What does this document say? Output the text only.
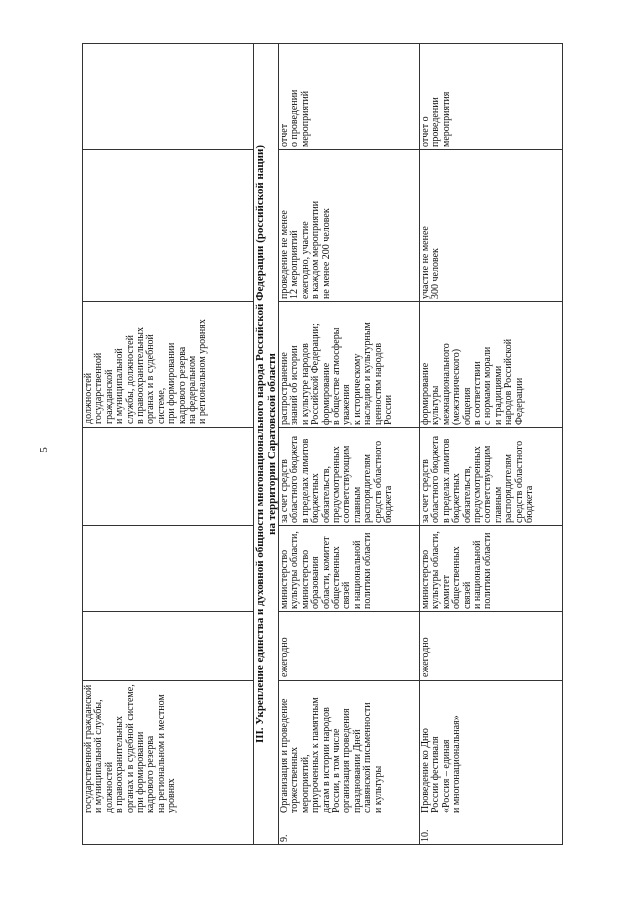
5
государственной гражданской
и муниципальной службы,
должностей
в правоохранительных
органах и в судебной системе,
при формировании
кадрового резерва
на региональном и местном
уровнях
должностей
государственной
гражданской
и муниципальной
службы, должностей
в правоохранительных
органах и в судебной
системе,
при формировании
кадрового резерва
на федеральном
и региональном уровнях	III. Укрепление единства и духовной общности многонационального народа Российской Федерации (российской нации) на территории Саратовской области
9.
Организация и проведение
торжественных
мероприятий,
приуроченных к памятным
датам в истории народов
России, в том числе
организация проведения
праздновании Дней
славянской письменности
и культуры
ежегодно
министерство
культуры области,
министерство
образования
области, комитет
общественных
связей
и национальной
политики области
за счет средств
областного бюджета
в пределах лимитов
бюджетных
обязательств,
предусмотренных
соответствующим
главным
распорядителям
средств областного
бюджета
распространение
знаний об истории
и культуре народов
Российской Федерации;
формирование
в обществе атмосферы
уважения
к историческому
наследию и культурным
ценностям народов
России
проведение не менее
12 мероприятий
ежегодно, участие
в каждом мероприятии
не менее 200 человек
отчет
о проведении
мероприятий
10.
Проведение ко Дню
России фестиваля
«Россия – единая
и многонациональная»
ежегодно
министерство
культуры области,
комитет
общественных
связей
и национальной
политики области
за счет средств
областного бюджета
в пределах лимитов
бюджетных
обязательств,
предусмотренных
соответствующим
главным
распорядителям
средств областного
бюджета
формирование
культуры
межнационального
(межэтнического)
общения
в соответствии
с нормами морали
и традициями
народов Российской
Федерации
участие не менее
300 человек
отчет о
проведении
мероприятия
